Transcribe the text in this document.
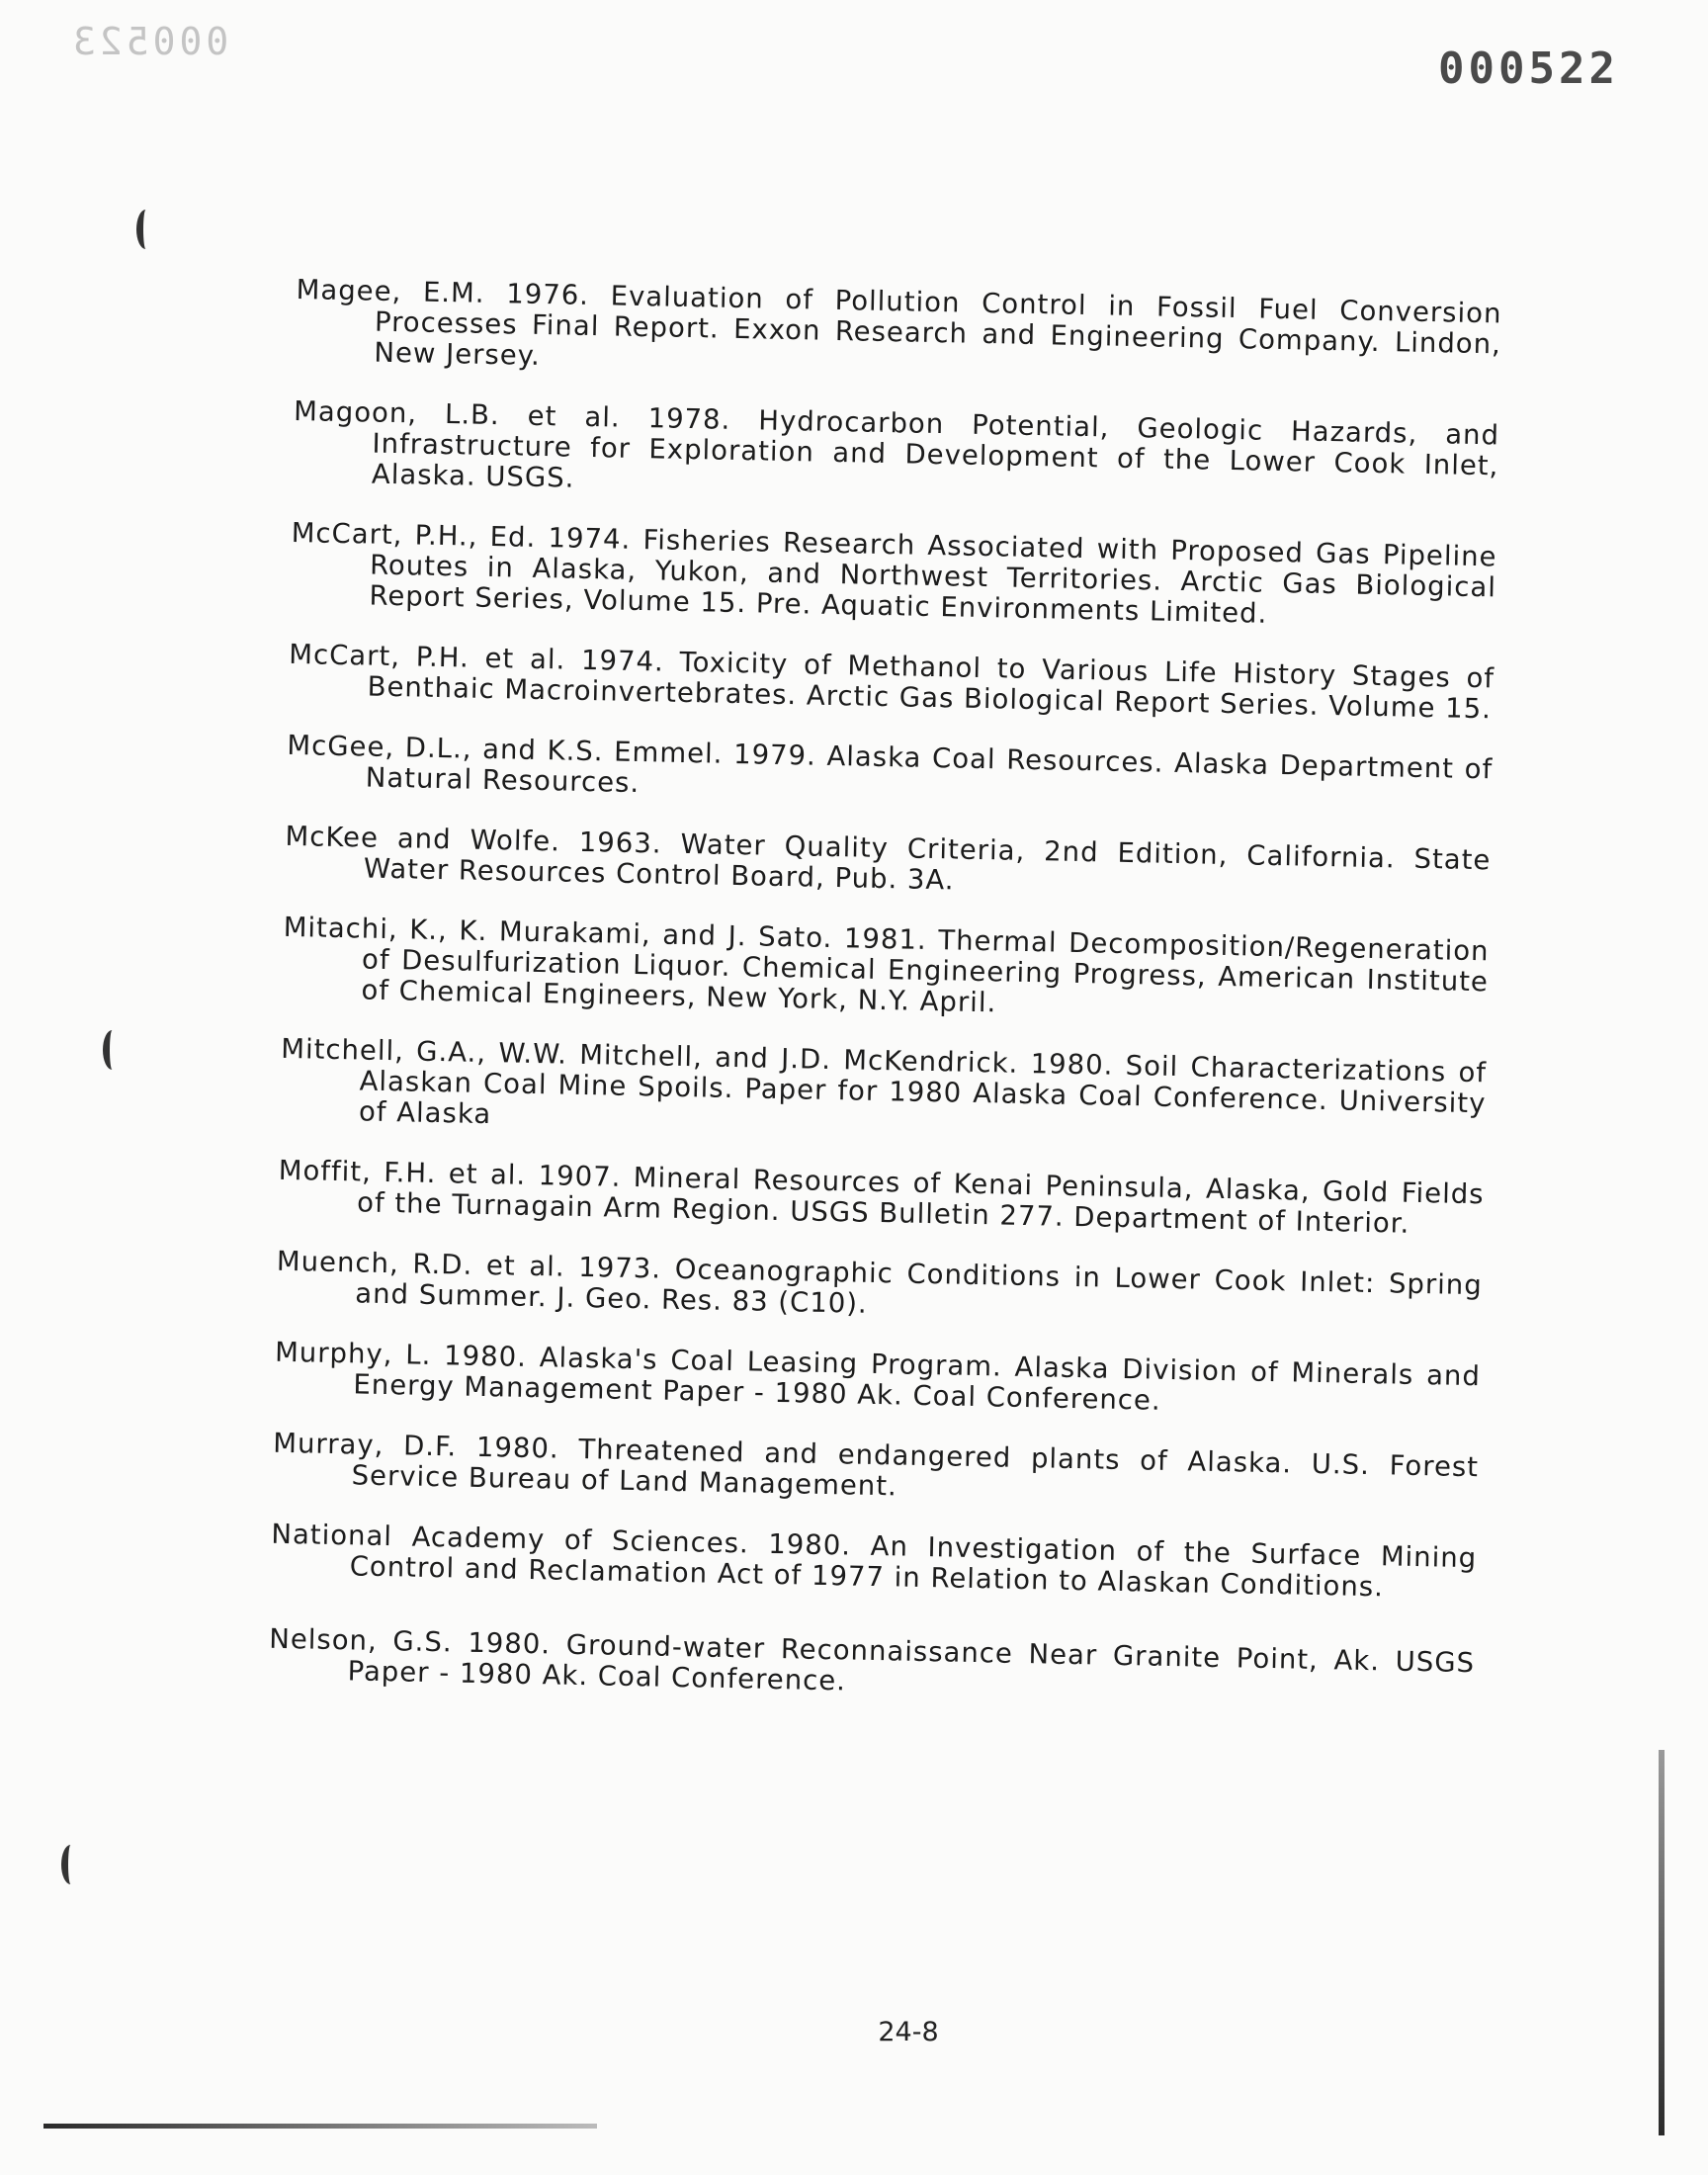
000523
000522

Magee, E.M. 1976. Evaluation of Pollution Control in Fossil Fuel Conversion Processes Final Report. Exxon Research and Engineering Company. Lindon, New Jersey.

Magoon, L.B. et al. 1978. Hydrocarbon Potential, Geologic Hazards, and Infrastructure for Exploration and Development of the Lower Cook Inlet, Alaska. USGS.

McCart, P.H., Ed. 1974. Fisheries Research Associated with Proposed Gas Pipeline Routes in Alaska, Yukon, and Northwest Territories. Arctic Gas Biological Report Series, Volume 15. Pre. Aquatic Environments Limited.

McCart, P.H. et al. 1974. Toxicity of Methanol to Various Life History Stages of Benthaic Macroinvertebrates. Arctic Gas Biological Report Series. Volume 15.

McGee, D.L., and K.S. Emmel. 1979. Alaska Coal Resources. Alaska Department of Natural Resources.

McKee and Wolfe. 1963. Water Quality Criteria, 2nd Edition, California. State Water Resources Control Board, Pub. 3A.

Mitachi, K., K. Murakami, and J. Sato. 1981. Thermal Decomposition/Regeneration of Desulfurization Liquor. Chemical Engineering Progress, American Institute of Chemical Engineers, New York, N.Y. April.

Mitchell, G.A., W.W. Mitchell, and J.D. McKendrick. 1980. Soil Characterizations of Alaskan Coal Mine Spoils. Paper for 1980 Alaska Coal Conference. University of Alaska

Moffit, F.H. et al. 1907. Mineral Resources of Kenai Peninsula, Alaska, Gold Fields of the Turnagain Arm Region. USGS Bulletin 277. Department of Interior.

Muench, R.D. et al. 1973. Oceanographic Conditions in Lower Cook Inlet: Spring and Summer. J. Geo. Res. 83 (C10).

Murphy, L. 1980. Alaska's Coal Leasing Program. Alaska Division of Minerals and Energy Management Paper - 1980 Ak. Coal Conference.

Murray, D.F. 1980. Threatened and endangered plants of Alaska. U.S. Forest Service Bureau of Land Management.

National Academy of Sciences. 1980. An Investigation of the Surface Mining Control and Reclamation Act of 1977 in Relation to Alaskan Conditions.

Nelson, G.S. 1980. Ground-water Reconnaissance Near Granite Point, Ak. USGS Paper - 1980 Ak. Coal Conference.

24-8
